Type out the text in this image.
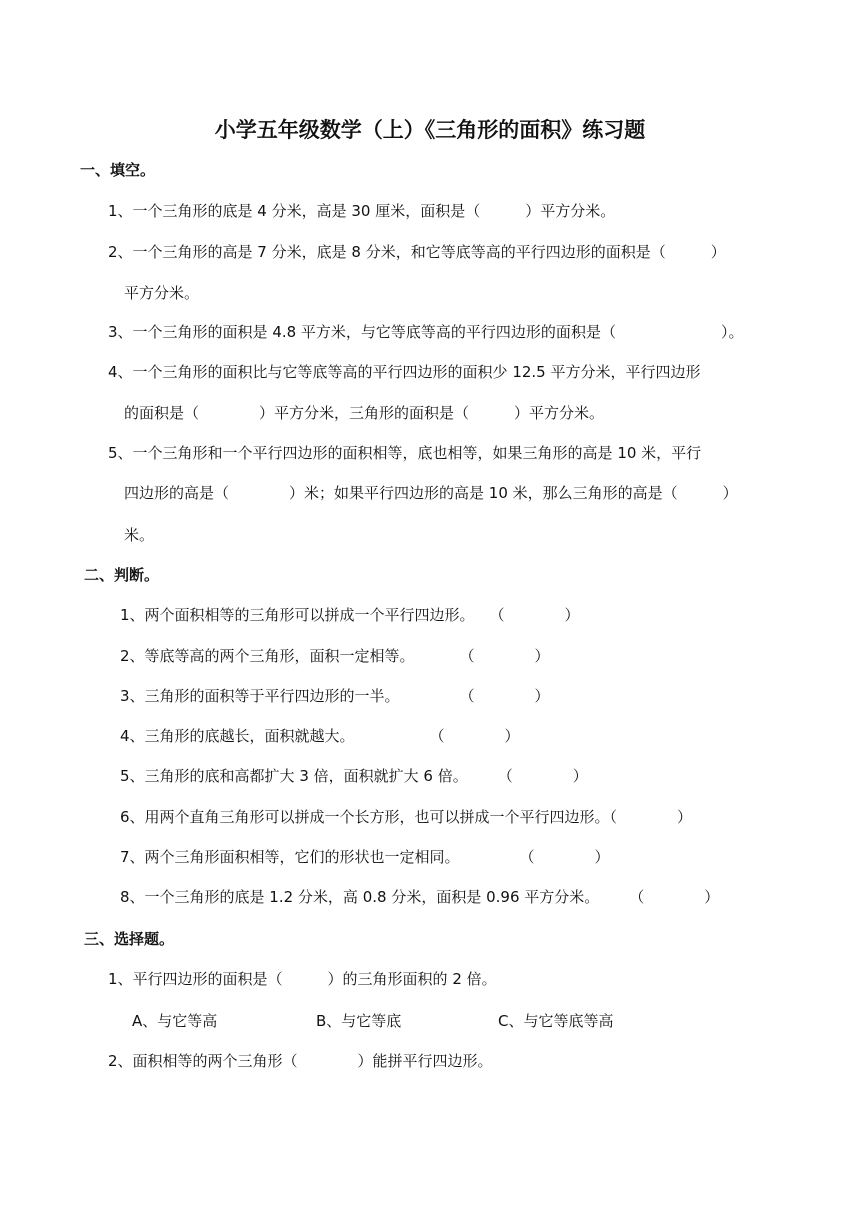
小学五年级数学（上）《三角形的面积》练习题
一、填空。
1、一个三角形的底是 4 分米，高是 30 厘米，面积是（　　　）平方分米。
2、一个三角形的高是 7 分米，底是 8 分米，和它等底等高的平行四边形的面积是（　　　）
平方分米。
3、一个三角形的面积是 4.8 平方米，与它等底等高的平行四边形的面积是（　　　　　　　）。
4、一个三角形的面积比与它等底等高的平行四边形的面积少 12.5 平方分米，平行四边形
的面积是（　　　　）平方分米，三角形的面积是（　　　）平方分米。
5、一个三角形和一个平行四边形的面积相等，底也相等，如果三角形的高是 10 米，平行
四边形的高是（　　　　）米；如果平行四边形的高是 10 米，那么三角形的高是（　　　）
米。
二、判断。
1、两个面积相等的三角形可以拼成一个平行四边形。　　（　　　　）
2、等底等高的两个三角形，面积一定相等。　　　　（　　　　）
3、三角形的面积等于平行四边形的一半。　　　　　（　　　　）
4、三角形的底越长，面积就越大。　　　　　　（　　　　）
5、三角形的底和高都扩大 3 倍，面积就扩大 6 倍。　　　（　　　　）
6、用两个直角三角形可以拼成一个长方形，也可以拼成一个平行四边形。（　　　　）
7、两个三角形面积相等，它们的形状也一定相同。　　　　　（　　　　）
8、一个三角形的底是 1.2 分米，高 0.8 分米，面积是 0.96 平方分米。　　　（　　　　）
三、选择题。
1、平行四边形的面积是（　　　）的三角形面积的 2 倍。
A、与它等高	B、与它等底	C、与它等底等高
2、面积相等的两个三角形（　　　　）能拼平行四边形。
